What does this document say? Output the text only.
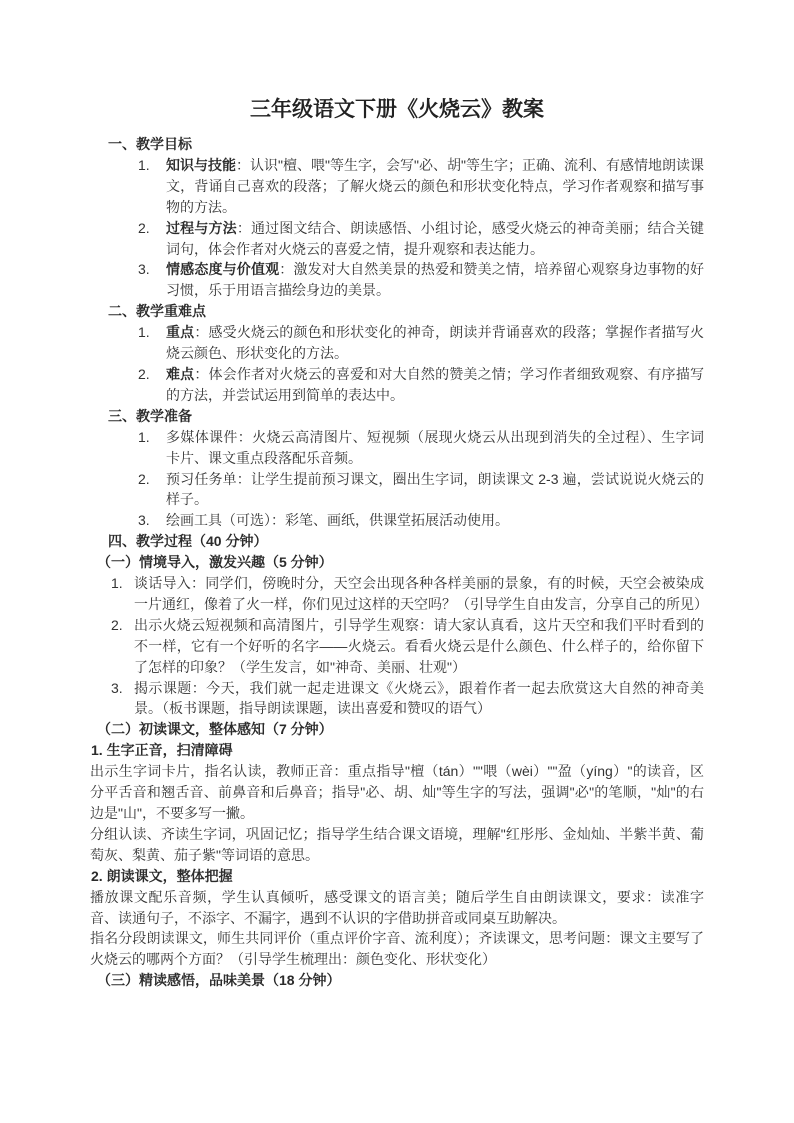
三年级语文下册《火烧云》教案
一、教学目标
1.	知识与技能：认识"檀、喂"等生字，会写"必、胡"等生字；正确、流利、有感情地朗读课文，背诵自己喜欢的段落；了解火烧云的颜色和形状变化特点，学习作者观察和描写事物的方法。
2.	过程与方法：通过图文结合、朗读感悟、小组讨论，感受火烧云的神奇美丽；结合关键词句，体会作者对火烧云的喜爱之情，提升观察和表达能力。
3.	情感态度与价值观：激发对大自然美景的热爱和赞美之情，培养留心观察身边事物的好习惯，乐于用语言描绘身边的美景。
二、教学重难点
1.	重点：感受火烧云的颜色和形状变化的神奇，朗读并背诵喜欢的段落；掌握作者描写火烧云颜色、形状变化的方法。
2.	难点：体会作者对火烧云的喜爱和对大自然的赞美之情；学习作者细致观察、有序描写的方法，并尝试运用到简单的表达中。
三、教学准备
1.	多媒体课件：火烧云高清图片、短视频（展现火烧云从出现到消失的全过程）、生字词卡片、课文重点段落配乐音频。
2.	预习任务单：让学生提前预习课文，圈出生字词，朗读课文 2-3 遍，尝试说说火烧云的样子。
3.	绘画工具（可选）：彩笔、画纸，供课堂拓展活动使用。
四、教学过程（40 分钟）
（一）情境导入，激发兴趣（5 分钟）
1. 谈话导入：同学们，傍晚时分，天空会出现各种各样美丽的景象，有的时候，天空会被染成一片通红，像着了火一样，你们见过这样的天空吗？（引导学生自由发言，分享自己的所见）
2. 出示火烧云短视频和高清图片，引导学生观察：请大家认真看，这片天空和我们平时看到的不一样，它有一个好听的名字——火烧云。看看火烧云是什么颜色、什么样子的，给你留下了怎样的印象？（学生发言，如"神奇、美丽、壮观"）
3. 揭示课题：今天，我们就一起走进课文《火烧云》，跟着作者一起去欣赏这大自然的神奇美景。（板书课题，指导朗读课题，读出喜爱和赞叹的语气）
（二）初读课文，整体感知（7 分钟）
1. 生字正音，扫清障碍
出示生字词卡片，指名认读，教师正音：重点指导"檀（tán）""喂（wèi）""盈（yíng）"的读音，区分平舌音和翘舌音、前鼻音和后鼻音；指导"必、胡、灿"等生字的写法，强调"必"的笔顺，"灿"的右边是"山"，不要多写一撇。
分组认读、齐读生字词，巩固记忆；指导学生结合课文语境，理解"红彤彤、金灿灿、半紫半黄、葡萄灰、梨黄、茄子紫"等词语的意思。
2. 朗读课文，整体把握
播放课文配乐音频，学生认真倾听，感受课文的语言美；随后学生自由朗读课文，要求：读准字音、读通句子，不添字、不漏字，遇到不认识的字借助拼音或同桌互助解决。
指名分段朗读课文，师生共同评价（重点评价字音、流利度）；齐读课文，思考问题：课文主要写了火烧云的哪两个方面？（引导学生梳理出：颜色变化、形状变化）
（三）精读感悟，品味美景（18 分钟）
